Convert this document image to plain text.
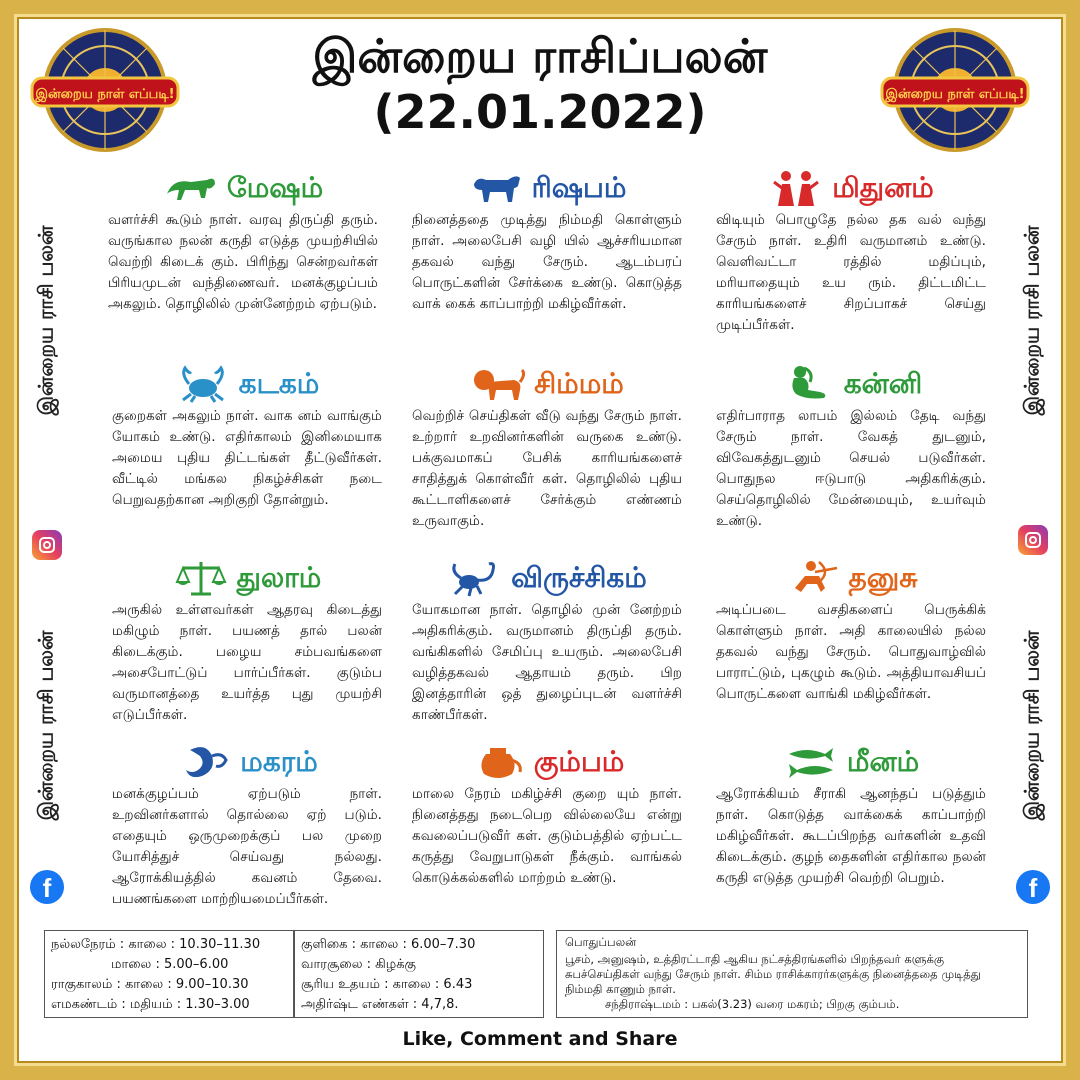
இன்றைய நாள் எப்படி!	இன்றைய நாள் எப்படி!
இன்றைய ராசிப்பலன்
(22.01.2022)
இன்றைய ராசி பலன்
இன்றைய ராசி பலன்
f
இன்றைய ராசி பலன்
இன்றைய ராசி பலன்
f
மேஷம்
வளர்ச்சி கூடும் நாள். வரவு திருப்தி தரும். வருங்கால நலன் கருதி எடுத்த முயற்சியில் வெற்றி கிடைக் கும். பிரிந்து சென்றவர்கள் பிரியமுடன் வந்திணைவர். மனக்குழப்பம் அகலும். தொழிலில் முன்னேற்றம் ஏற்படும்.
ரிஷபம்
நினைத்ததை முடித்து நிம்மதி கொள்ளும் நாள். அலைபேசி வழி யில் ஆச்சரியமான தகவல் வந்து சேரும். ஆடம்பரப் பொருட்களின் சேர்க்கை உண்டு. கொடுத்த வாக் கைக் காப்பாற்றி மகிழ்வீர்கள்.
மிதுனம்
விடியும் பொழுதே நல்ல தக வல் வந்து சேரும் நாள். உதிரி வருமானம் உண்டு. வெளிவட்டா ரத்தில் மதிப்பும், மரியாதையும் உய ரும். திட்டமிட்ட காரியங்களைச் சிறப்பாகச் செய்து முடிப்பீர்கள்.
கடகம்
குறைகள் அகலும் நாள். வாக னம் வாங்கும் யோகம் உண்டு. எதிர்காலம் இனிமையாக அமைய புதிய திட்டங்கள் தீட்டுவீர்கள். வீட்டில் மங்கல நிகழ்ச்சிகள் நடை பெறுவதற்கான அறிகுறி தோன்றும்.
சிம்மம்
வெற்றிச் செய்திகள் வீடு வந்து சேரும் நாள். உற்றார் உறவினர்களின் வருகை உண்டு. பக்குவமாகப் பேசிக் காரியங்களைச் சாதித்துக் கொள்வீர் கள். தொழிலில் புதிய கூட்டாளிகளைச் சேர்க்கும் எண்ணம் உருவாகும்.
கன்னி
எதிர்பாராத லாபம் இல்லம் தேடி வந்து சேரும் நாள். வேகத் துடனும், விவேகத்துடனும் செயல் படுவீர்கள். பொதுநல ஈடுபாடு அதிகரிக்கும். செய்தொழிலில் மேன்மையும், உயர்வும் உண்டு.
துலாம்
அருகில் உள்ளவர்கள் ஆதரவு கிடைத்து மகிழும் நாள். பயணத் தால் பலன் கிடைக்கும். பழைய சம்பவங்களை அசைபோட்டுப் பார்ப்பீர்கள். குடும்ப வருமானத்தை உயர்த்த புது முயற்சி எடுப்பீர்கள்.
விருச்சிகம்
யோகமான நாள். தொழில் முன் னேற்றம் அதிகரிக்கும். வருமானம் திருப்தி தரும். வங்கிகளில் சேமிப்பு உயரும். அலைபேசி வழித்தகவல் ஆதாயம் தரும். பிற இனத்தாரின் ஒத் துழைப்புடன் வளர்ச்சி காண்பீர்கள்.
தனுசு
அடிப்படை வசதிகளைப் பெருக்கிக் கொள்ளும் நாள். அதி காலையில் நல்ல தகவல் வந்து சேரும். பொதுவாழ்வில் பாராட்டும், புகழும் கூடும். அத்தியாவசியப் பொருட்களை வாங்கி மகிழ்வீர்கள்.
மகரம்
மனக்குழப்பம் ஏற்படும் நாள். உறவினர்களால் தொல்லை ஏற் படும். எதையும் ஒருமுறைக்குப் பல முறை யோசித்துச் செய்வது நல்லது. ஆரோக்கியத்தில் கவனம் தேவை. பயணங்களை மாற்றியமைப்பீர்கள்.
கும்பம்
மாலை நேரம் மகிழ்ச்சி குறை யும் நாள். நினைத்தது நடைபெற வில்லையே என்று கவலைப்படுவீர் கள். குடும்பத்தில் ஏற்பட்ட கருத்து வேறுபாடுகள் நீக்கும். வாங்கல் கொடுக்கல்களில் மாற்றம் உண்டு.
மீனம்
ஆரோக்கியம் சீராகி ஆனந்தப் படுத்தும் நாள். கொடுத்த வாக்கைக் காப்பாற்றி மகிழ்வீர்கள். கூடப்பிறந்த வர்களின் உதவி கிடைக்கும். குழந் தைகளின் எதிர்கால நலன் கருதி எடுத்த முயற்சி வெற்றி பெறும்.
நல்லநேரம் : காலை : 10.30–11.30
மாலை : 5.00–6.00
ராகுகாலம் : காலை : 9.00–10.30
எமகண்டம் : மதியம் : 1.30–3.00
குளிகை : காலை : 6.00–7.30
வாரசூலை : கிழக்கு
சூரிய உதயம் : காலை : 6.43
அதிர்ஷ்ட எண்கள் : 4,7,8.
பொதுப்பலன்
பூசம், அனுஷம், உத்திரட்டாதி ஆகிய நட்சத்திரங்களில் பிறந்தவர் களுக்கு சுபச்செய்திகள் வந்து சேரும் நாள். சிம்ம ராசிக்காரர்களுக்கு நினைத்ததை முடித்து நிம்மதி காணும் நாள்.
சந்திராஷ்டமம் : பகல்(3.23) வரை மகரம்; பிறகு கும்பம்.
Like, Comment and Share
